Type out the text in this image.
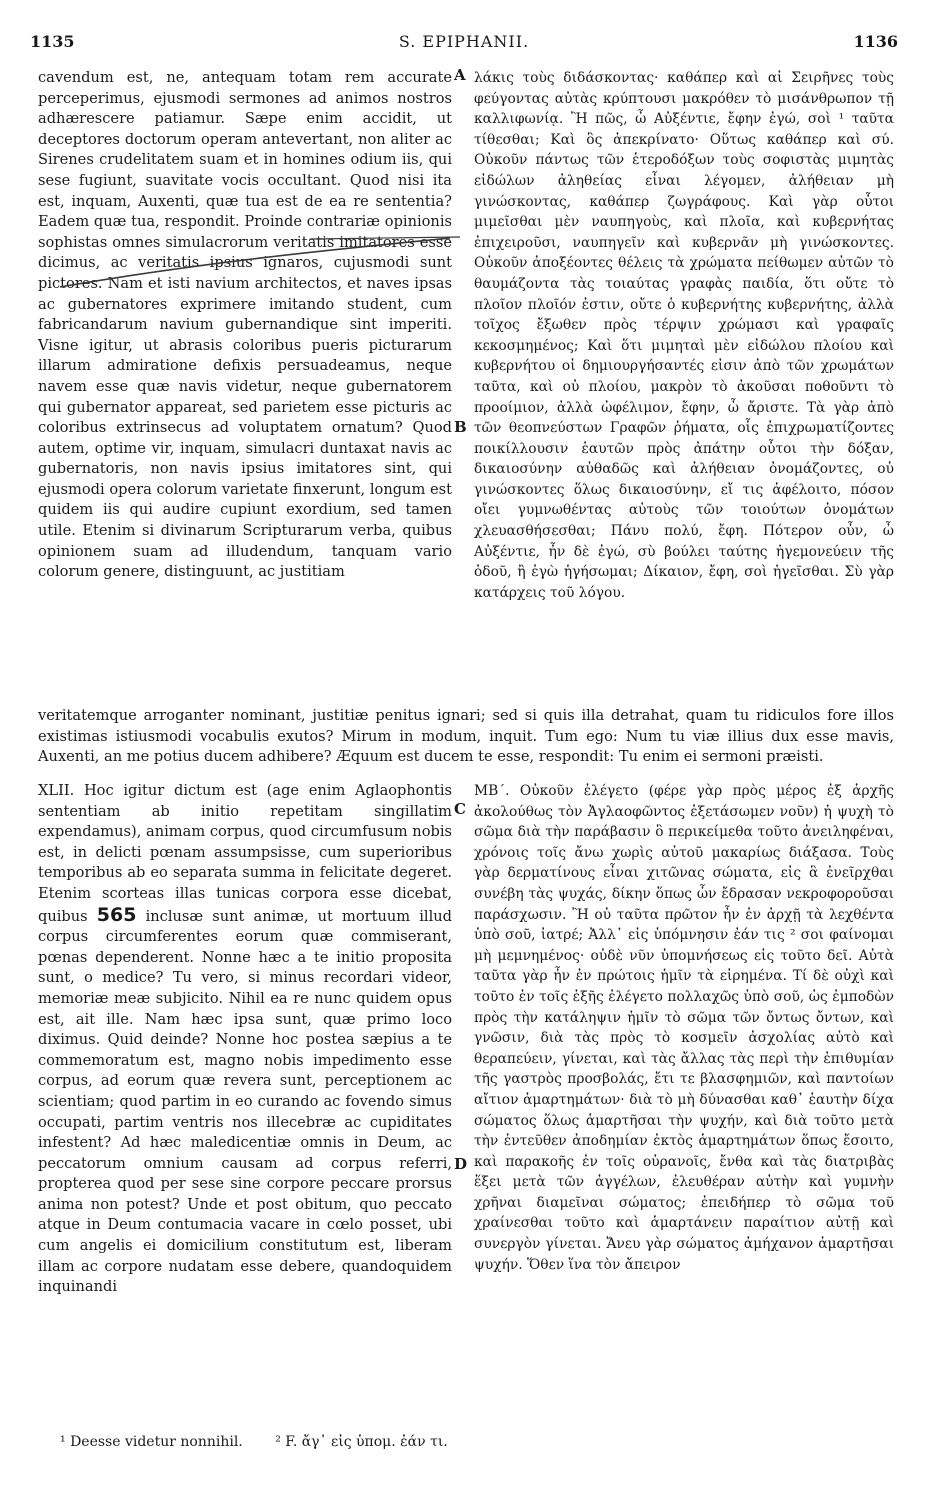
1135	S. EPIPHANII.	1136
A
B
C
D

cavendum est, ne, antequam totam rem accurate perceperimus, ejusmodi sermones ad animos nostros adhærescere patiamur. Sæpe enim accidit, ut deceptores doctorum operam antevertant, non aliter ac Sirenes crudelitatem suam et in homines odium iis, qui sese fugiunt, suavitate vocis occultant. Quod nisi ita est, inquam, Auxenti, quæ tua est de ea re sententia? Eadem quæ tua, respondit. Proinde contrariæ opinionis sophistas omnes simulacrorum veritatis imitatores esse dicimus, ac veritatis ipsius ignaros, cujusmodi sunt pictores. Nam et isti navium architectos, et naves ipsas ac gubernatores exprimere imitando student, cum fabricandarum navium gubernandique sint imperiti. Visne igitur, ut abrasis coloribus pueris picturarum illarum admiratione defixis persuadeamus, neque navem esse quæ navis videtur, neque gubernatorem qui gubernator appareat, sed parietem esse picturis ac coloribus extrinsecus ad voluptatem ornatum? Quod autem, optime vir, inquam, simulacri duntaxat navis ac gubernatoris, non navis ipsius imitatores sint, qui ejusmodi opera colorum varietate finxerunt, longum est quidem iis qui audire cupiunt exordium, sed tamen utile. Etenim si divinarum Scripturarum verba, quibus opinionem suam ad illudendum, tanquam vario colorum genere, distinguunt, ac justitiam

λάκις τοὺς διδάσκοντας· καθάπερ καὶ αἱ Σειρῆνες τοὺς φεύγοντας αὐτὰς κρύπτουσι μακρόθεν τὸ μισάνθρωπον τῇ καλλιφωνίᾳ. Ἢ πῶς, ὦ Αὐξέντιε, ἔφην ἐγώ, σοὶ ¹ ταῦτα τίθεσθαι; Καὶ ὃς ἀπεκρίνατο· Οὕτως καθάπερ καὶ σύ. Οὐκοῦν πάντως τῶν ἑτεροδόξων τοὺς σοφιστὰς μιμητὰς εἰδώλων ἀληθείας εἶναι λέγομεν, ἀλήθειαν μὴ γινώσκοντας, καθάπερ ζωγράφους. Καὶ γὰρ οὗτοι μιμεῖσθαι μὲν ναυπηγοὺς, καὶ πλοῖα, καὶ κυβερνήτας ἐπιχειροῦσι, ναυπηγεῖν καὶ κυβερνᾶν μὴ γινώσκοντες. Οὐκοῦν ἀποξέοντες θέλεις τὰ χρώματα πείθωμεν αὐτῶν τὸ θαυμάζοντα τὰς τοιαύτας γραφὰς παιδία, ὅτι οὔτε τὸ πλοῖον πλοῖόν ἐστιν, οὔτε ὁ κυβερνήτης κυβερνήτης, ἀλλὰ τοῖχος ἔξωθεν πρὸς τέρψιν χρώμασι καὶ γραφαῖς κεκοσμημένος; Καὶ ὅτι μιμηταὶ μὲν εἰδώλου πλοίου καὶ κυβερνήτου οἱ δημιουργήσαντές εἰσιν ἀπὸ τῶν χρωμάτων ταῦτα, καὶ οὐ πλοίου, μακρὸν τὸ ἀκοῦσαι ποθοῦντι τὸ προοίμιον, ἀλλὰ ὠφέλιμον, ἔφην, ὦ ἄριστε. Τὰ γὰρ ἀπὸ τῶν θεοπνεύστων Γραφῶν ῥήματα, οἷς ἐπιχρωματίζοντες ποικίλλουσιν ἑαυτῶν πρὸς ἀπάτην οὗτοι τὴν δόξαν, δικαιοσύνην αὐθαδῶς καὶ ἀλήθειαν ὀνομάζοντες, οὐ γινώσκοντες ὅλως δικαιοσύνην, εἴ τις ἀφέλοιτο, πόσον οἴει γυμνωθέντας αὐτοὺς τῶν τοιούτων ὀνομάτων χλευασθήσεσθαι; Πάνυ πολύ, ἔφη. Πότερον οὖν, ὦ Αὐξέντιε, ἦν δὲ ἐγώ, σὺ βούλει ταύτης ἡγεμονεύειν τῆς ὁδοῦ, ἢ ἐγὼ ἡγήσωμαι; Δίκαιον, ἔφη, σοὶ ἡγεῖσθαι. Σὺ γὰρ κατάρχεις τοῦ λόγου.

veritatemque arroganter nominant, justitiæ penitus ignari; sed si quis illa detrahat, quam tu ridiculos fore illos existimas istiusmodi vocabulis exutos? Mirum in modum, inquit. Tum ego: Num tu viæ illius dux esse mavis, Auxenti, an me potius ducem adhibere? Æquum est ducem te esse, respondit: Tu enim ei sermoni præisti.

XLII. Hoc igitur dictum est (age enim Aglaophontis sententiam ab initio repetitam singillatim expendamus), animam corpus, quod circumfusum nobis est, in delicti pœnam assumpsisse, cum superioribus temporibus ab eo separata summa in felicitate degeret. Etenim scorteas illas tunicas corpora esse dicebat, quibus 565 inclusæ sunt animæ, ut mortuum illud corpus circumferentes eorum quæ commiserant, pœnas dependerent. Nonne hæc a te initio proposita sunt, o medice? Tu vero, si minus recordari videor, memoriæ meæ subjicito. Nihil ea re nunc quidem opus est, ait ille. Nam hæc ipsa sunt, quæ primo loco diximus. Quid deinde? Nonne hoc postea sæpius a te commemoratum est, magno nobis impedimento esse corpus, ad eorum quæ revera sunt, perceptionem ac scientiam; quod partim in eo curando ac fovendo simus occupati, partim ventris nos illecebræ ac cupiditates infestent? Ad hæc maledicentiæ omnis in Deum, ac peccatorum omnium causam ad corpus referri, propterea quod per sese sine corpore peccare prorsus anima non potest? Unde et post obitum, quo peccato atque in Deum contumacia vacare in cœlo posset, ubi cum angelis ei domicilium constitutum est, liberam illam ac corpore nudatam esse debere, quandoquidem inquinandi

ΜΒ΄. Οὐκοῦν ἐλέγετο (φέρε γὰρ πρὸς μέρος ἐξ ἀρχῆς ἀκολούθως τὸν Ἀγλαοφῶντος ἐξετάσωμεν νοῦν) ἡ ψυχὴ τὸ σῶμα διὰ τὴν παράβασιν ὃ περικείμεθα τοῦτο ἀνειληφέναι, χρόνοις τοῖς ἄνω χωρὶς αὐτοῦ μακαρίως διάξασα. Τοὺς γὰρ δερματίνους εἶναι χιτῶνας σώματα, εἰς ἃ ἐνεῖρχθαι συνέβη τὰς ψυχάς, δίκην ὅπως ὧν ἔδρασαν νεκροφοροῦσαι παράσχωσιν. Ἢ οὐ ταῦτα πρῶτον ἦν ἐν ἀρχῇ τὰ λεχθέντα ὑπὸ σοῦ, ἰατρέ; Ἀλλ᾽ εἰς ὑπόμνησιν ἐάν τις ² σοι φαίνομαι μὴ μεμνημένος· οὐδὲ νῦν ὑπομνήσεως εἰς τοῦτο δεῖ. Αὐτὰ ταῦτα γὰρ ἦν ἐν πρώτοις ἡμῖν τὰ εἰρημένα. Τί δὲ οὐχὶ καὶ τοῦτο ἐν τοῖς ἑξῆς ἐλέγετο πολλαχῶς ὑπὸ σοῦ, ὡς ἐμποδὼν πρὸς τὴν κατάληψιν ἡμῖν τὸ σῶμα τῶν ὄντως ὄντων, καὶ γνῶσιν, διὰ τὰς πρὸς τὸ κοσμεῖν ἀσχολίας αὐτὸ καὶ θεραπεύειν, γίνεται, καὶ τὰς ἄλλας τὰς περὶ τὴν ἐπιθυμίαν τῆς γαστρὸς προσβολάς, ἔτι τε βλασφημιῶν, καὶ παντοίων αἴτιον ἁμαρτημάτων· διὰ τὸ μὴ δύνασθαι καθ᾽ ἑαυτὴν δίχα σώματος ὅλως ἁμαρτῆσαι τὴν ψυχήν, καὶ διὰ τοῦτο μετὰ τὴν ἐντεῦθεν ἀποδημίαν ἐκτὸς ἁμαρτημάτων ὅπως ἔσοιτο, καὶ παρακοῆς ἐν τοῖς οὐρανοῖς, ἔνθα καὶ τὰς διατριβὰς ἕξει μετὰ τῶν ἀγγέλων, ἐλευθέραν αὐτὴν καὶ γυμνὴν χρῆναι διαμεῖναι σώματος; ἐπειδήπερ τὸ σῶμα τοῦ χραίνεσθαι τοῦτο καὶ ἁμαρτάνειν παραίτιον αὐτῇ καὶ συνεργὸν γίνεται. Ἄνευ γὰρ σώματος ἀμήχανον ἁμαρτῆσαι ψυχήν. Ὅθεν ἵνα τὸν ἄπειρον

¹ Deesse videtur nonnihil. ² F. ἄγ᾽ εἰς ὑπομ. ἐάν τι.
